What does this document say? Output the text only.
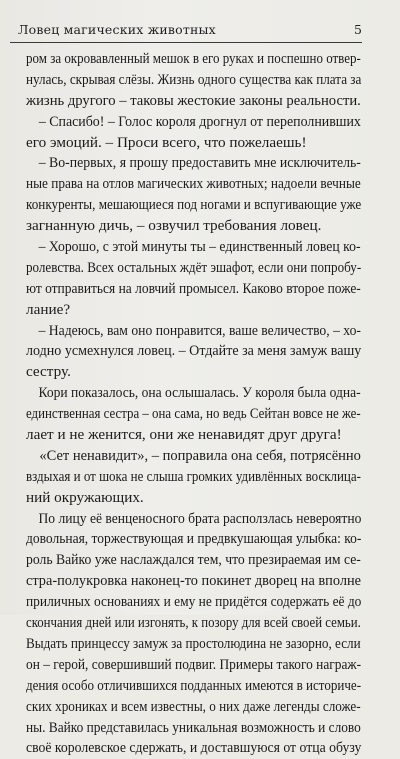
Ловец магических животных	5
ром за окровавленный мешок в его руках и поспешно отвер-
нулась, скрывая слёзы. Жизнь одного существа как плата за
жизнь другого – таковы жестокие законы реальности.
– Спасибо! – Голос короля дрогнул от переполнивших
его эмоций. – Проси всего, что пожелаешь!
– Во-первых, я прошу предоставить мне исключитель-
ные права на отлов магических животных; надоели вечные
конкуренты, мешающиеся под ногами и вспугивающие уже
загнанную дичь, – озвучил требования ловец.
– Хорошо, с этой минуты ты – единственный ловец ко-
ролевства. Всех остальных ждёт эшафот, если они попробу-
ют отправиться на ловчий промысел. Каково второе поже-
лание?
– Надеюсь, вам оно понравится, ваше величество, – хо-
лодно усмехнулся ловец. – Отдайте за меня замуж вашу
сестру.
Кори показалось, она ослышалась. У короля была одна-
единственная сестра – она сама, но ведь Сейтан вовсе не же-
лает и не женится, они же ненавидят друг друга!
«Сет ненавидит», – поправила она себя, потрясённо
вздыхая и от шока не слыша громких удивлённых восклица-
ний окружающих.
По лицу её венценосного брата расползлась невероятно
довольная, торжествующая и предвкушающая улыбка: ко-
роль Вайко уже наслаждался тем, что презираемая им се-
стра-полукровка наконец-то покинет дворец на вполне
приличных основаниях и ему не придётся содержать её до
скончания дней или изгонять, к позору для всей своей семьи.
Выдать принцессу замуж за простолюдина не зазорно, если
он – герой, совершивший подвиг. Примеры такого награж-
дения особо отличившихся подданных имеются в историче-
ских хрониках и всем известны, о них даже легенды сложе-
ны. Вайко представилась уникальная возможность и слово
своё королевское сдержать, и доставшуюся от отца обузу
